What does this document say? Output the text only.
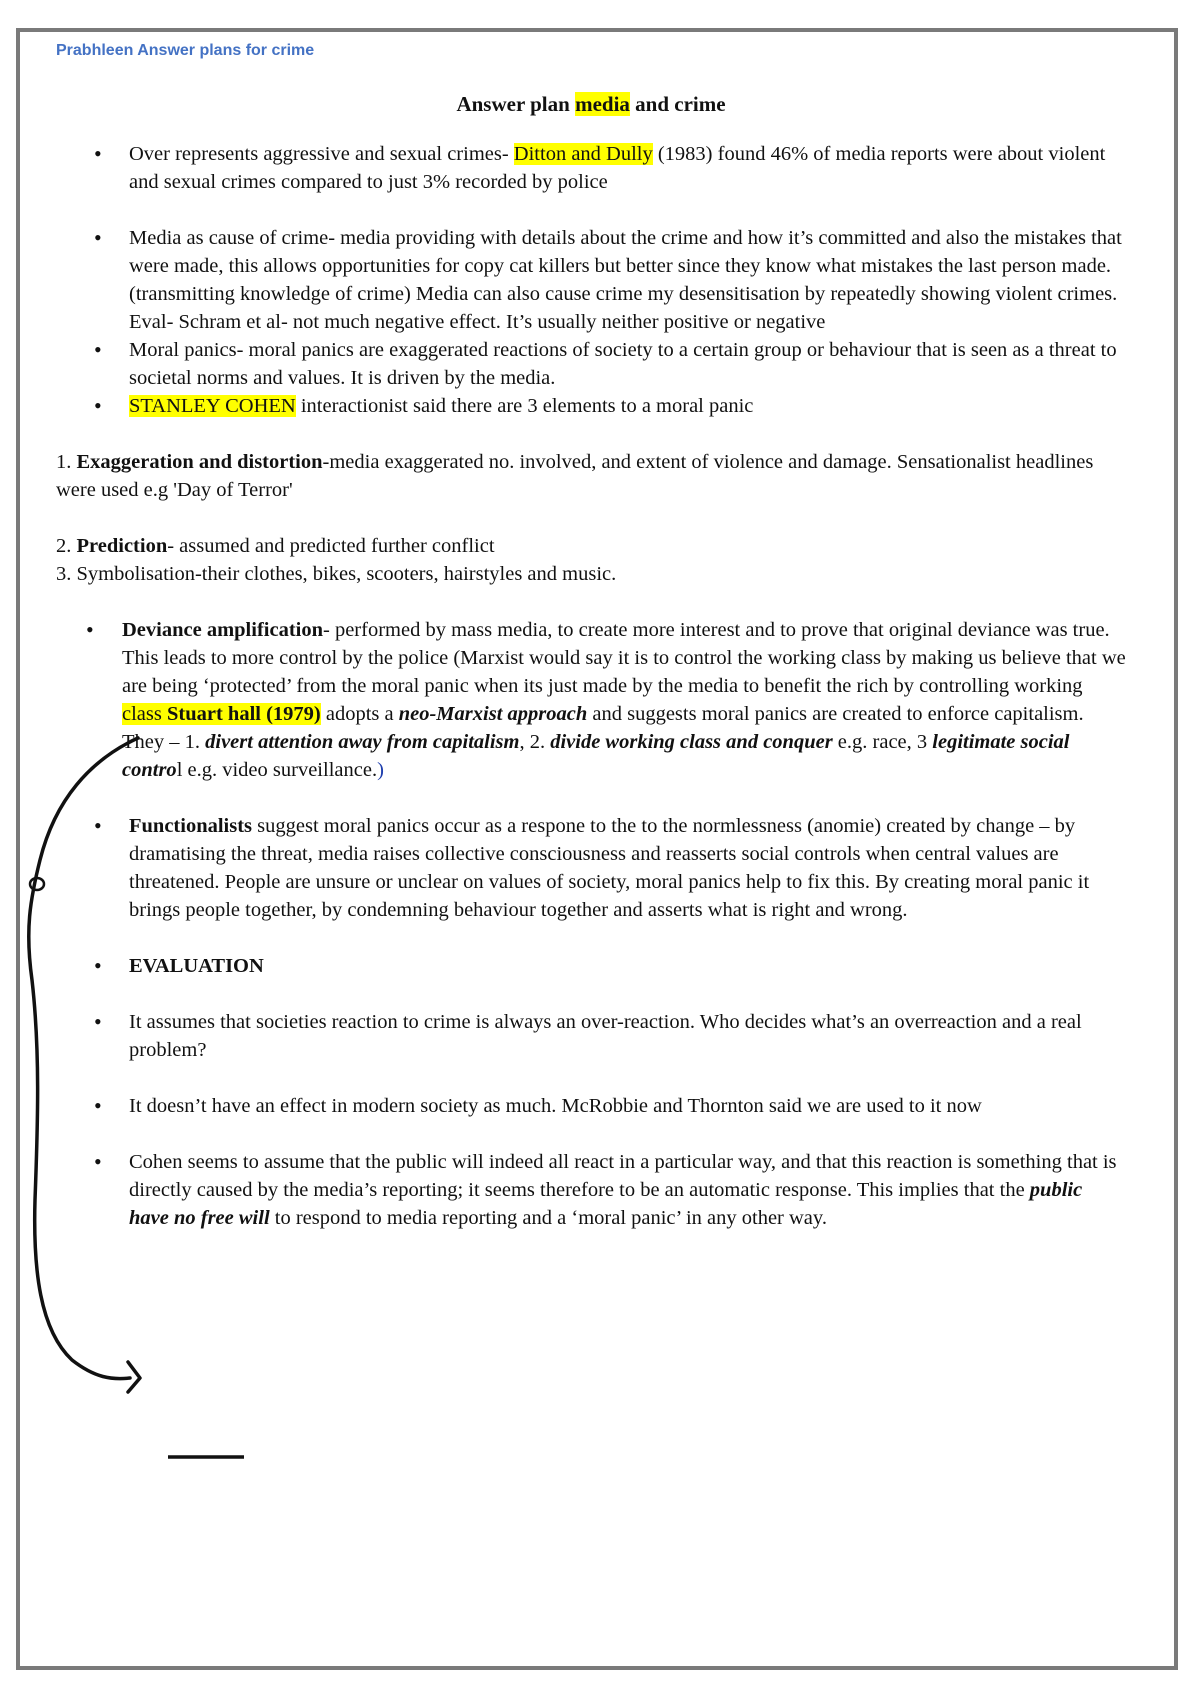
Prabhleen Answer plans for crime
Answer plan media and crime
• Over represents aggressive and sexual crimes- Ditton and Dully (1983) found 46% of media reports were about violent and sexual crimes compared to just 3% recorded by police
• Media as cause of crime- media providing with details about the crime and how it’s committed and also the mistakes that were made, this allows opportunities for copy cat killers but better since they know what mistakes the last person made.(transmitting knowledge of crime) Media can also cause crime my desensitisation by repeatedly showing violent crimes. Eval- Schram et al- not much negative effect. It’s usually neither positive or negative
• Moral panics- moral panics are exaggerated reactions of society to a certain group or behaviour that is seen as a threat to societal norms and values. It is driven by the media.
• STANLEY COHEN interactionist said there are 3 elements to a moral panic

1. Exaggeration and distortion-media exaggerated no. involved, and extent of violence and damage. Sensationalist headlines were used e.g 'Day of Terror'

2. Prediction- assumed and predicted further conflict

3. Symbolisation-their clothes, bikes, scooters, hairstyles and music.

• Deviance amplification- performed by mass media, to create more interest and to prove that original deviance was true. This leads to more control by the police (Marxist would say it is to control the working class by making us believe that we are being ‘protected’ from the moral panic when its just made by the media to benefit the rich by controlling working class Stuart hall (1979) adopts a neo-Marxist approach and suggests moral panics are created to enforce capitalism. They – 1. divert attention away from capitalism, 2. divide working class and conquer e.g. race, 3 legitimate social control e.g. video surveillance.)
• Functionalists suggest moral panics occur as a respone to the to the normlessness (anomie) created by change – by dramatising the threat, media raises collective consciousness and reasserts social controls when central values are threatened. People are unsure or unclear on values of society, moral panics help to fix this. By creating moral panic it brings people together, by condemning behaviour together and asserts what is right and wrong.
• EVALUATION
• It assumes that societies reaction to crime is always an over-reaction. Who decides what’s an overreaction and a real problem?
• It doesn’t have an effect in modern society as much. McRobbie and Thornton said we are used to it now
• Cohen seems to assume that the public will indeed all react in a particular way, and that this reaction is something that is directly caused by the media’s reporting; it seems therefore to be an automatic response. This implies that the public have no free will to respond to media reporting and a ‘moral panic’ in any other way.
